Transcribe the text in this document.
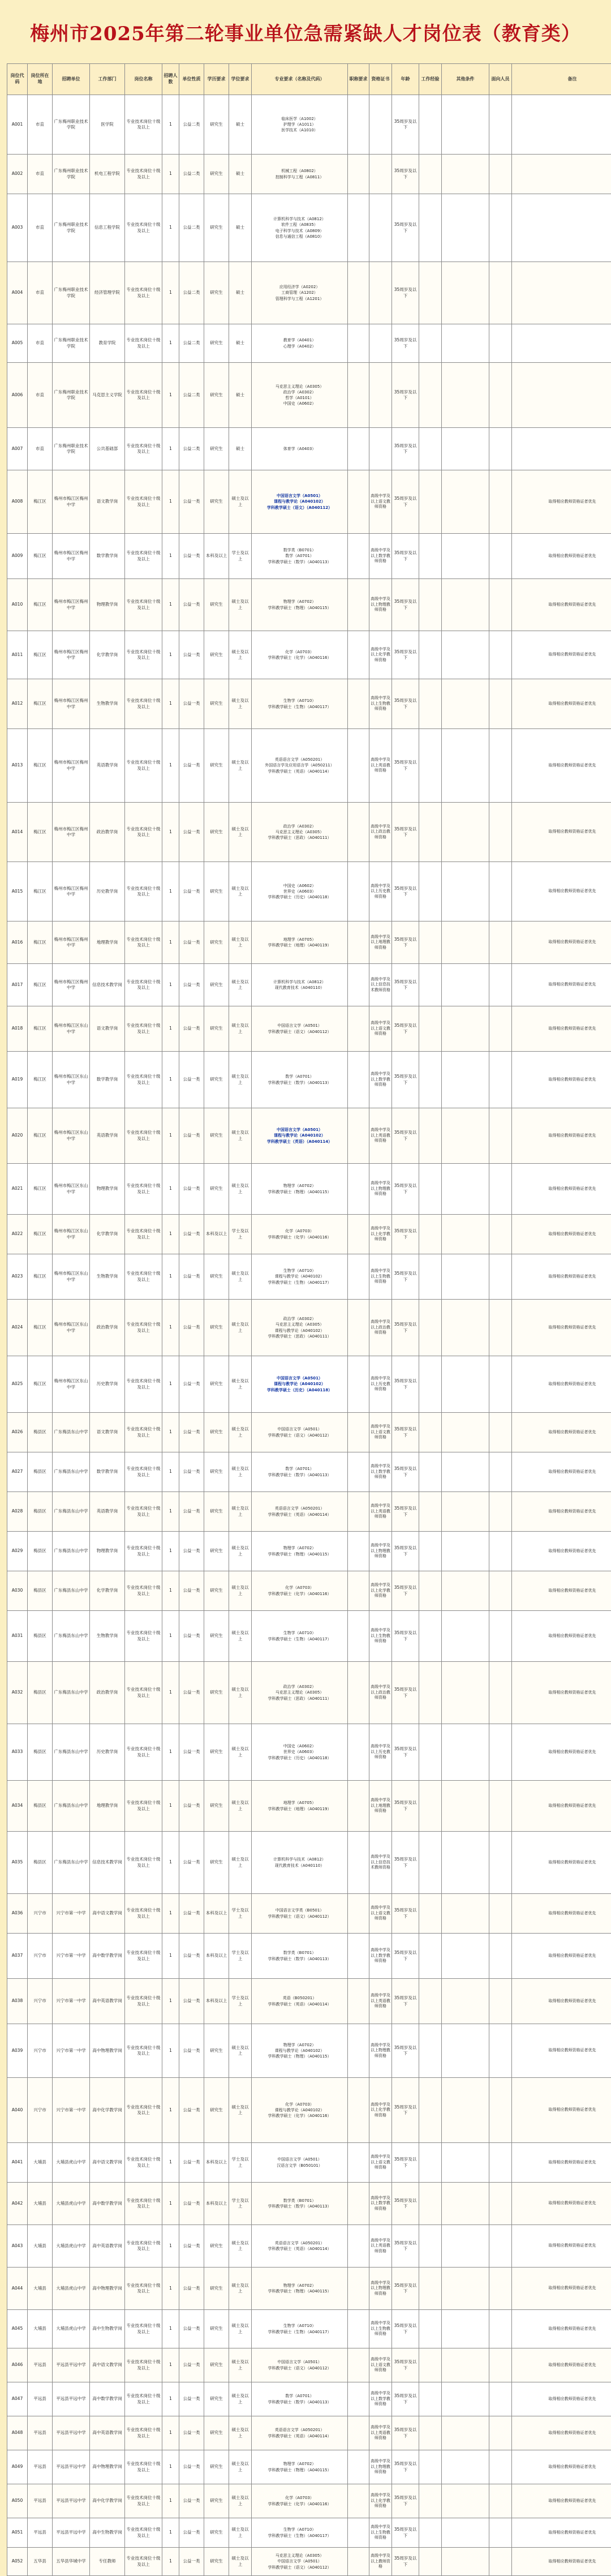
梅州市2025年第二轮事业单位急需紧缺人才岗位表（教育类）
岗位代码	岗位所在地	招聘单位	工作部门	岗位名称	招聘人数	单位性质	学历要求	学位要求	专业要求（名称及代码）	职称要求	资格证书	年龄	工作经验	其他条件	面向人员	备注
A001	市直	广东梅州职业技术学院	医学院	专业技术岗位十级及以上	1	公益二类	研究生	硕士	临床医学（A1002）
护理学（A1011）
医学技术（A1010）			35周岁及以下				
A002	市直	广东梅州职业技术学院	机电工程学院	专业技术岗位十级及以上	1	公益二类	研究生	硕士	机械工程（A0802）
控制科学与工程（A0811）			35周岁及以下				
A003	市直	广东梅州职业技术学院	信息工程学院	专业技术岗位十级及以上	1	公益二类	研究生	硕士	计算机科学与技术（A0812）
软件工程（A0835）
电子科学与技术（A0809）
信息与通信工程（A0810）			35周岁及以下				
A004	市直	广东梅州职业技术学院	经济管理学院	专业技术岗位十级及以上	1	公益二类	研究生	硕士	应用经济学（A0202）
工商管理（A1202）
管理科学与工程（A1201）			35周岁及以下				
A005	市直	广东梅州职业技术学院	教育学院	专业技术岗位十级及以上	1	公益二类	研究生	硕士	教育学（A0401）
心理学（A0402）			35周岁及以下				
A006	市直	广东梅州职业技术学院	马克思主义学院	专业技术岗位十级及以上	1	公益二类	研究生	硕士	马克思主义理论（A0305）
政治学（A0302）
哲学（A0101）
中国史（A0602）			35周岁及以下				
A007	市直	广东梅州职业技术学院	公共基础部	专业技术岗位十级及以上	1	公益二类	研究生	硕士	体育学（A0403）			35周岁及以下				
A008	梅江区	梅州市梅江区梅州中学	语文教学岗	专业技术岗位十级及以上	1	公益一类	研究生	硕士及以上	中国语言文学（A0501）
课程与教学论（A040102）
学科教学硕士（语文）（A040112）		高级中学及以上语文教师资格	35周岁及以下				取得相应教师资格证者优先
A009	梅江区	梅州市梅江区梅州中学	数学教学岗	专业技术岗位十级及以上	1	公益一类	本科及以上	学士及以上	数学类（B0701）
数学（A0701）
学科教学硕士（数学）（A040113）		高级中学及以上数学教师资格	35周岁及以下				取得相应教师资格证者优先
A010	梅江区	梅州市梅江区梅州中学	物理教学岗	专业技术岗位十级及以上	1	公益一类	研究生	硕士及以上	物理学（A0702）
学科教学硕士（物理）（A040115）		高级中学及以上物理教师资格	35周岁及以下				取得相应教师资格证者优先
A011	梅江区	梅州市梅江区梅州中学	化学教学岗	专业技术岗位十级及以上	1	公益一类	研究生	硕士及以上	化学（A0703）
学科教学硕士（化学）（A040116）		高级中学及以上化学教师资格	35周岁及以下				取得相应教师资格证者优先
A012	梅江区	梅州市梅江区梅州中学	生物教学岗	专业技术岗位十级及以上	1	公益一类	研究生	硕士及以上	生物学（A0710）
学科教学硕士（生物）（A040117）		高级中学及以上生物教师资格	35周岁及以下				取得相应教师资格证者优先
A013	梅江区	梅州市梅江区梅州中学	英语教学岗	专业技术岗位十级及以上	1	公益一类	研究生	硕士及以上	英语语言文学（A050201）
外国语言学及应用语言学（A050211）
学科教学硕士（英语）（A040114）		高级中学及以上英语教师资格	35周岁及以下				取得相应教师资格证者优先
A014	梅江区	梅州市梅江区梅州中学	政治教学岗	专业技术岗位十级及以上	1	公益一类	研究生	硕士及以上	政治学（A0302）
马克思主义理论（A0305）
学科教学硕士（思政）（A040111）		高级中学及以上政治教师资格	35周岁及以下				取得相应教师资格证者优先
A015	梅江区	梅州市梅江区梅州中学	历史教学岗	专业技术岗位十级及以上	1	公益一类	研究生	硕士及以上	中国史（A0602）
世界史（A0603）
学科教学硕士（历史）（A040118）		高级中学及以上历史教师资格	35周岁及以下				取得相应教师资格证者优先
A016	梅江区	梅州市梅江区梅州中学	地理教学岗	专业技术岗位十级及以上	1	公益一类	研究生	硕士及以上	地理学（A0705）
学科教学硕士（地理）（A040119）		高级中学及以上地理教师资格	35周岁及以下				取得相应教师资格证者优先
A017	梅江区	梅州市梅江区梅州中学	信息技术教学岗	专业技术岗位十级及以上	1	公益一类	研究生	硕士及以上	计算机科学与技术（A0812）
现代教育技术（A040110）		高级中学及以上信息技术教师资格	35周岁及以下				取得相应教师资格证者优先
A018	梅江区	梅州市梅江区东山中学	语文教学岗	专业技术岗位十级及以上	1	公益一类	研究生	硕士及以上	中国语言文学（A0501）
学科教学硕士（语文）（A040112）		高级中学及以上语文教师资格	35周岁及以下				取得相应教师资格证者优先
A019	梅江区	梅州市梅江区东山中学	数学教学岗	专业技术岗位十级及以上	1	公益一类	研究生	硕士及以上	数学（A0701）
学科教学硕士（数学）（A040113）		高级中学及以上数学教师资格	35周岁及以下				取得相应教师资格证者优先
A020	梅江区	梅州市梅江区东山中学	英语教学岗	专业技术岗位十级及以上	1	公益一类	研究生	硕士及以上	中国语言文学（A0501）
课程与教学论（A040102）
学科教学硕士（英语）（A040114）		高级中学及以上英语教师资格	35周岁及以下				取得相应教师资格证者优先
A021	梅江区	梅州市梅江区东山中学	物理教学岗	专业技术岗位十级及以上	1	公益一类	研究生	硕士及以上	物理学（A0702）
学科教学硕士（物理）（A040115）		高级中学及以上物理教师资格	35周岁及以下				取得相应教师资格证者优先
A022	梅江区	梅州市梅江区东山中学	化学教学岗	专业技术岗位十级及以上	1	公益一类	本科及以上	学士及以上	化学（A0703）
学科教学硕士（化学）（A040116）		高级中学及以上化学教师资格	35周岁及以下				取得相应教师资格证者优先
A023	梅江区	梅州市梅江区东山中学	生物教学岗	专业技术岗位十级及以上	1	公益一类	研究生	硕士及以上	生物学（A0710）
课程与教学论（A040102）
学科教学硕士（生物）（A040117）		高级中学及以上生物教师资格	35周岁及以下				取得相应教师资格证者优先
A024	梅江区	梅州市梅江区东山中学	政治教学岗	专业技术岗位十级及以上	1	公益一类	研究生	硕士及以上	政治学（A0302）
马克思主义理论（A0305）
课程与教学论（A040102）
学科教学硕士（思政）（A040111）		高级中学及以上政治教师资格	35周岁及以下				取得相应教师资格证者优先
A025	梅江区	梅州市梅江区东山中学	历史教学岗	专业技术岗位十级及以上	1	公益一类	研究生	硕士及以上	中国语言文学（A0501）
课程与教学论（A040102）
学科教学硕士（历史）（A040118）		高级中学及以上历史教师资格	35周岁及以下				取得相应教师资格证者优先
A026	梅县区	广东梅县东山中学	语文教学岗	专业技术岗位十级及以上	1	公益一类	研究生	硕士及以上	中国语言文学（A0501）
学科教学硕士（语文）（A040112）		高级中学及以上语文教师资格	35周岁及以下				取得相应教师资格证者优先
A027	梅县区	广东梅县东山中学	数学教学岗	专业技术岗位十级及以上	1	公益一类	研究生	硕士及以上	数学（A0701）
学科教学硕士（数学）（A040113）		高级中学及以上数学教师资格	35周岁及以下				取得相应教师资格证者优先
A028	梅县区	广东梅县东山中学	英语教学岗	专业技术岗位十级及以上	1	公益一类	研究生	硕士及以上	英语语言文学（A050201）
学科教学硕士（英语）（A040114）		高级中学及以上英语教师资格	35周岁及以下				取得相应教师资格证者优先
A029	梅县区	广东梅县东山中学	物理教学岗	专业技术岗位十级及以上	1	公益一类	研究生	硕士及以上	物理学（A0702）
学科教学硕士（物理）（A040115）		高级中学及以上物理教师资格	35周岁及以下				取得相应教师资格证者优先
A030	梅县区	广东梅县东山中学	化学教学岗	专业技术岗位十级及以上	1	公益一类	研究生	硕士及以上	化学（A0703）
学科教学硕士（化学）（A040116）		高级中学及以上化学教师资格	35周岁及以下				取得相应教师资格证者优先
A031	梅县区	广东梅县东山中学	生物教学岗	专业技术岗位十级及以上	1	公益一类	研究生	硕士及以上	生物学（A0710）
学科教学硕士（生物）（A040117）		高级中学及以上生物教师资格	35周岁及以下				取得相应教师资格证者优先
A032	梅县区	广东梅县东山中学	政治教学岗	专业技术岗位十级及以上	1	公益一类	研究生	硕士及以上	政治学（A0302）
马克思主义理论（A0305）
学科教学硕士（思政）（A040111）		高级中学及以上政治教师资格	35周岁及以下				取得相应教师资格证者优先
A033	梅县区	广东梅县东山中学	历史教学岗	专业技术岗位十级及以上	1	公益一类	研究生	硕士及以上	中国史（A0602）
世界史（A0603）
学科教学硕士（历史）（A040118）		高级中学及以上历史教师资格	35周岁及以下				取得相应教师资格证者优先
A034	梅县区	广东梅县东山中学	地理教学岗	专业技术岗位十级及以上	1	公益一类	研究生	硕士及以上	地理学（A0705）
学科教学硕士（地理）（A040119）		高级中学及以上地理教师资格	35周岁及以下				取得相应教师资格证者优先
A035	梅县区	广东梅县东山中学	信息技术教学岗	专业技术岗位十级及以上	1	公益一类	研究生	硕士及以上	计算机科学与技术（A0812）
现代教育技术（A040110）		高级中学及以上信息技术教师资格	35周岁及以下				取得相应教师资格证者优先
A036	兴宁市	兴宁市第一中学	高中语文教学岗	专业技术岗位十级及以上	1	公益一类	本科及以上	学士及以上	中国语言文学类（B0501）
学科教学硕士（语文）（A040112）		高级中学及以上语文教师资格	35周岁及以下				取得相应教师资格证者优先
A037	兴宁市	兴宁市第一中学	高中数学教学岗	专业技术岗位十级及以上	1	公益一类	本科及以上	学士及以上	数学类（B0701）
学科教学硕士（数学）（A040113）		高级中学及以上数学教师资格	35周岁及以下				取得相应教师资格证者优先
A038	兴宁市	兴宁市第一中学	高中英语教学岗	专业技术岗位十级及以上	1	公益一类	本科及以上	学士及以上	英语（B050201）
学科教学硕士（英语）（A040114）		高级中学及以上英语教师资格	35周岁及以下				取得相应教师资格证者优先
A039	兴宁市	兴宁市第一中学	高中物理教学岗	专业技术岗位十级及以上	1	公益一类	研究生	硕士及以上	物理学（A0702）
课程与教学论（A040102）
学科教学硕士（物理）（A040115）		高级中学及以上物理教师资格	35周岁及以下				取得相应教师资格证者优先
A040	兴宁市	兴宁市第一中学	高中化学教学岗	专业技术岗位十级及以上	1	公益一类	研究生	硕士及以上	化学（A0703）
课程与教学论（A040102）
学科教学硕士（化学）（A040116）		高级中学及以上化学教师资格	35周岁及以下				取得相应教师资格证者优先
A041	大埔县	大埔县虎山中学	高中语文教学岗	专业技术岗位十级及以上	1	公益一类	本科及以上	学士及以上	中国语言文学（A0501）
汉语言文学（B050101）		高级中学及以上语文教师资格	35周岁及以下				取得相应教师资格证者优先
A042	大埔县	大埔县虎山中学	高中数学教学岗	专业技术岗位十级及以上	1	公益一类	本科及以上	学士及以上	数学类（B0701）
学科教学硕士（数学）（A040113）		高级中学及以上数学教师资格	35周岁及以下				取得相应教师资格证者优先
A043	大埔县	大埔县虎山中学	高中英语教学岗	专业技术岗位十级及以上	1	公益一类	研究生	硕士及以上	英语语言文学（A050201）
学科教学硕士（英语）（A040114）		高级中学及以上英语教师资格	35周岁及以下				取得相应教师资格证者优先
A044	大埔县	大埔县虎山中学	高中物理教学岗	专业技术岗位十级及以上	1	公益一类	研究生	硕士及以上	物理学（A0702）
学科教学硕士（物理）（A040115）		高级中学及以上物理教师资格	35周岁及以下				取得相应教师资格证者优先
A045	大埔县	大埔县虎山中学	高中生物教学岗	专业技术岗位十级及以上	1	公益一类	研究生	硕士及以上	生物学（A0710）
学科教学硕士（生物）（A040117）		高级中学及以上生物教师资格	35周岁及以下				取得相应教师资格证者优先
A046	平远县	平远县平远中学	高中语文教学岗	专业技术岗位十级及以上	1	公益一类	研究生	硕士及以上	中国语言文学（A0501）
学科教学硕士（语文）（A040112）		高级中学及以上语文教师资格	35周岁及以下				取得相应教师资格证者优先
A047	平远县	平远县平远中学	高中数学教学岗	专业技术岗位十级及以上	1	公益一类	研究生	硕士及以上	数学（A0701）
学科教学硕士（数学）（A040113）		高级中学及以上数学教师资格	35周岁及以下				取得相应教师资格证者优先
A048	平远县	平远县平远中学	高中英语教学岗	专业技术岗位十级及以上	1	公益一类	研究生	硕士及以上	英语语言文学（A050201）
学科教学硕士（英语）（A040114）		高级中学及以上英语教师资格	35周岁及以下				取得相应教师资格证者优先
A049	平远县	平远县平远中学	高中物理教学岗	专业技术岗位十级及以上	1	公益一类	研究生	硕士及以上	物理学（A0702）
学科教学硕士（物理）（A040115）		高级中学及以上物理教师资格	35周岁及以下				取得相应教师资格证者优先
A050	平远县	平远县平远中学	高中化学教学岗	专业技术岗位十级及以上	1	公益一类	研究生	硕士及以上	化学（A0703）
学科教学硕士（化学）（A040116）		高级中学及以上化学教师资格	35周岁及以下				取得相应教师资格证者优先
A051	平远县	平远县平远中学	高中生物教学岗	专业技术岗位十级及以上	1	公益一类	研究生	硕士及以上	生物学（A0710）
学科教学硕士（生物）（A040117）		高级中学及以上生物教师资格	35周岁及以下				取得相应教师资格证者优先
A052	五华县	五华县华城中学	专任教师	专业技术岗位十级及以上	1	公益一类	研究生	硕士及以上	马克思主义理论（A0305）
中国语言文学（A0501）
学科教学硕士（语文）（A040112）		高级中学及以上教师资格	35周岁及以下				取得相应教师资格证者优先
